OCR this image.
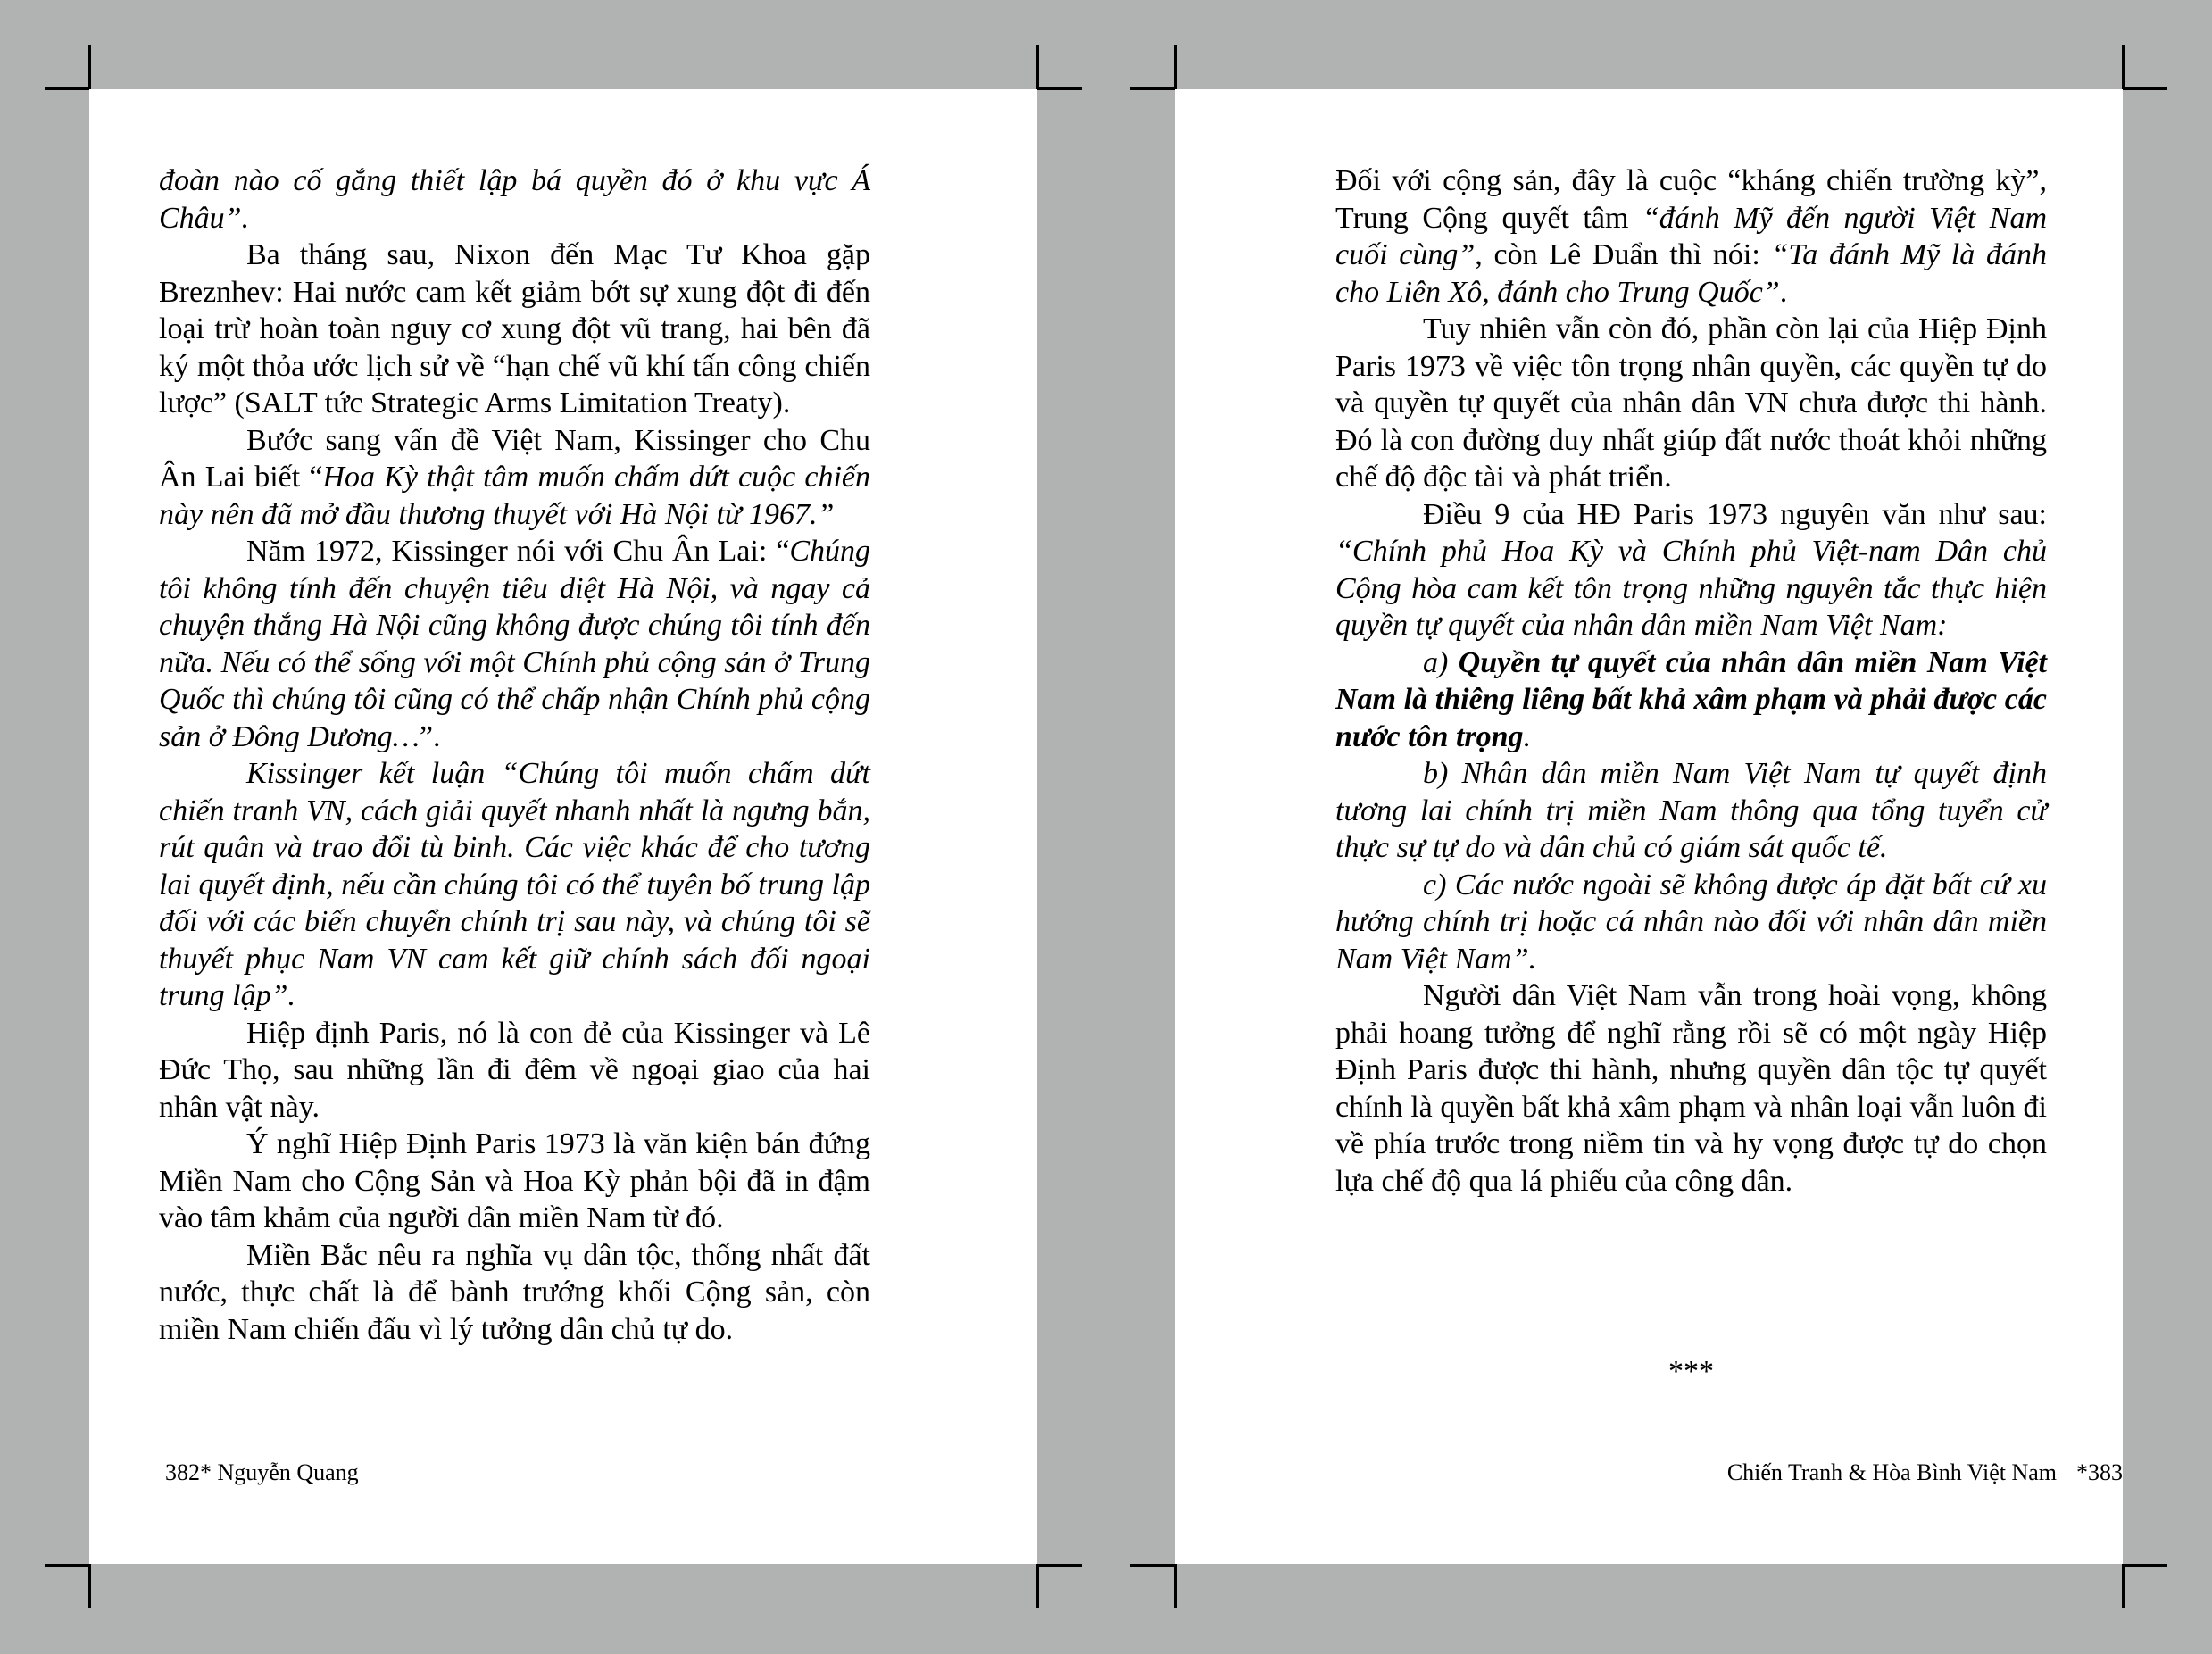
đoàn nào cố gắng thiết lập bá quyền đó ở khu vực Á Châu”.

Ba tháng sau, Nixon đến Mạc Tư Khoa gặp Breznhev: Hai nước cam kết giảm bớt sự xung đột đi đến loại trừ hoàn toàn nguy cơ xung đột vũ trang, hai bên đã ký một thỏa ước lịch sử về “hạn chế vũ khí tấn công chiến lược” (SALT tức Strategic Arms Limitation Treaty).

Bước sang vấn đề Việt Nam, Kissinger cho Chu Ân Lai biết “Hoa Kỳ thật tâm muốn chấm dứt cuộc chiến này nên đã mở đầu thương thuyết với Hà Nội từ 1967.”

Năm 1972, Kissinger nói với Chu Ân Lai: “Chúng tôi không tính đến chuyện tiêu diệt Hà Nội, và ngay cả chuyện thắng Hà Nội cũng không được chúng tôi tính đến nữa. Nếu có thể sống với một Chính phủ cộng sản ở Trung Quốc thì chúng tôi cũng có thể chấp nhận Chính phủ cộng sản ở Đông Dương…”.

Kissinger kết luận “Chúng tôi muốn chấm dứt chiến tranh VN, cách giải quyết nhanh nhất là ngưng bắn, rút quân và trao đổi tù binh. Các việc khác để cho tương lai quyết định, nếu cần chúng tôi có thể tuyên bố trung lập đối với các biến chuyển chính trị sau này, và chúng tôi sẽ thuyết phục Nam VN cam kết giữ chính sách đối ngoại trung lập”.

Hiệp định Paris, nó là con đẻ của Kissinger và Lê Đức Thọ, sau những lần đi đêm về ngoại giao của hai nhân vật này.

Ý nghĩ Hiệp Định Paris 1973 là văn kiện bán đứng Miền Nam cho Cộng Sản và Hoa Kỳ phản bội đã in đậm vào tâm khảm của người dân miền Nam từ đó.

Miền Bắc nêu ra nghĩa vụ dân tộc, thống nhất đất nước, thực chất là để bành trướng khối Cộng sản, còn miền Nam chiến đấu vì lý tưởng dân chủ tự do.

382* Nguyễn Quang

Đối với cộng sản, đây là cuộc “kháng chiến trường kỳ”, Trung Cộng quyết tâm “đánh Mỹ đến người Việt Nam cuối cùng”, còn Lê Duẩn thì nói: “Ta đánh Mỹ là đánh cho Liên Xô, đánh cho Trung Quốc”.

Tuy nhiên vẫn còn đó, phần còn lại của Hiệp Định Paris 1973 về việc tôn trọng nhân quyền, các quyền tự do và quyền tự quyết của nhân dân VN chưa được thi hành. Đó là con đường duy nhất giúp đất nước thoát khỏi những chế độ độc tài và phát triển.

Điều 9 của HĐ Paris 1973 nguyên văn như sau: “Chính phủ Hoa Kỳ và Chính phủ Việt-nam Dân chủ Cộng hòa cam kết tôn trọng những nguyên tắc thực hiện quyền tự quyết của nhân dân miền Nam Việt Nam:

a) Quyền tự quyết của nhân dân miền Nam Việt Nam là thiêng liêng bất khả xâm phạm và phải được các nước tôn trọng.

b) Nhân dân miền Nam Việt Nam tự quyết định tương lai chính trị miền Nam thông qua tổng tuyển cử thực sự tự do và dân chủ có giám sát quốc tế.

c) Các nước ngoài sẽ không được áp đặt bất cứ xu hướng chính trị hoặc cá nhân nào đối với nhân dân miền Nam Việt Nam”.

Người dân Việt Nam vẫn trong hoài vọng, không phải hoang tưởng để nghĩ rằng rồi sẽ có một ngày Hiệp Định Paris được thi hành, nhưng quyền dân tộc tự quyết chính là quyền bất khả xâm phạm và nhân loại vẫn luôn đi về phía trước trong niềm tin và hy vọng được tự do chọn lựa chế độ qua lá phiếu của công dân.

***
Chiến Tranh & Hòa Bình Việt Nam *383
